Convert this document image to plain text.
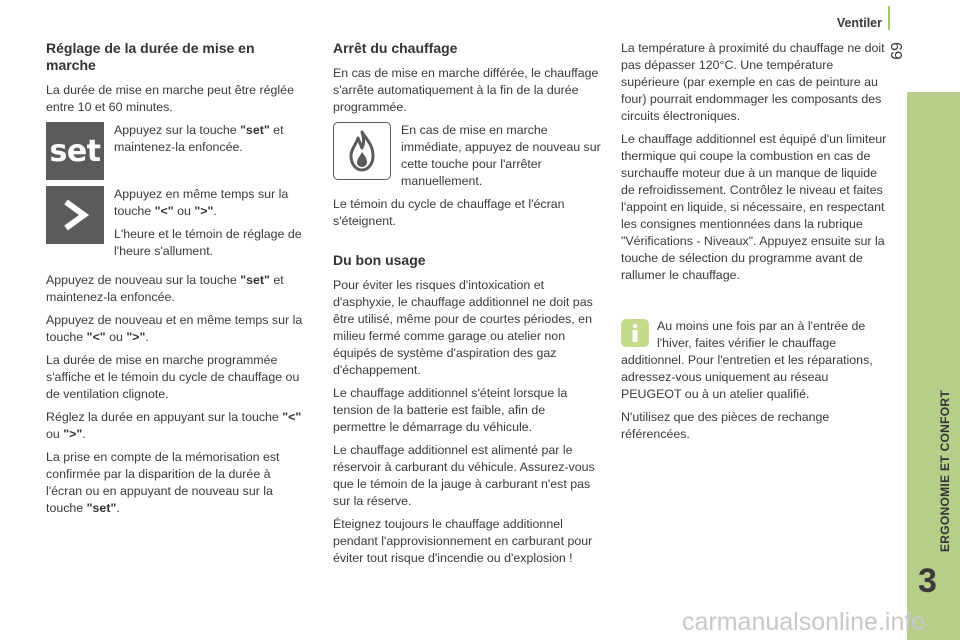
Ventiler
69
ERGONOMIE ET CONFORT
3
Réglage de la durée de mise en marche

La durée de mise en marche peut être réglée entre 10 et 60 minutes.

set
Appuyez sur la touche "set" et maintenez-la enfoncée.

Appuyez en même temps sur la touche "<" ou ">".

L'heure et le témoin de réglage de l'heure s'allument.

Appuyez de nouveau sur la touche "set" et maintenez-la enfoncée.

Appuyez de nouveau et en même temps sur la touche "<" ou ">".

La durée de mise en marche programmée s'affiche et le témoin du cycle de chauffage ou de ventilation clignote.

Réglez la durée en appuyant sur la touche "<" ou ">".

La prise en compte de la mémorisation est confirmée par la disparition de la durée à l'écran ou en appuyant de nouveau sur la touche "set".

Arrêt du chauffage

En cas de mise en marche différée, le chauffage s'arrête automatiquement à la fin de la durée programmée.

En cas de mise en marche immédiate, appuyez de nouveau sur cette touche pour l'arrêter manuellement.

Le témoin du cycle de chauffage et l'écran s'éteignent.

Du bon usage

Pour éviter les risques d'intoxication et d'asphyxie, le chauffage additionnel ne doit pas être utilisé, même pour de courtes périodes, en milieu fermé comme garage ou atelier non équipés de système d'aspiration des gaz d'échappement.

Le chauffage additionnel s'éteint lorsque la tension de la batterie est faible, afin de permettre le démarrage du véhicule.

Le chauffage additionnel est alimenté par le réservoir à carburant du véhicule. Assurez-vous que le témoin de la jauge à carburant n'est pas sur la réserve.

Éteignez toujours le chauffage additionnel pendant l'approvisionnement en carburant pour éviter tout risque d'incendie ou d'explosion !

La température à proximité du chauffage ne doit pas dépasser 120°C. Une température supérieure (par exemple en cas de peinture au four) pourrait endommager les composants des circuits électroniques.

Le chauffage additionnel est équipé d'un limiteur thermique qui coupe la combustion en cas de surchauffe moteur due à un manque de liquide de refroidissement. Contrôlez le niveau et faites l'appoint en liquide, si nécessaire, en respectant les consignes mentionnées dans la rubrique "Vérifications - Niveaux". Appuyez ensuite sur la touche de sélection du programme avant de rallumer le chauffage.

Au moins une fois par an à l'entrée de l'hiver, faites vérifier le chauffage additionnel. Pour l'entretien et les réparations, adressez-vous uniquement au réseau PEUGEOT ou à un atelier qualifié.

N'utilisez que des pièces de rechange référencées.

carmanualsonline.info
